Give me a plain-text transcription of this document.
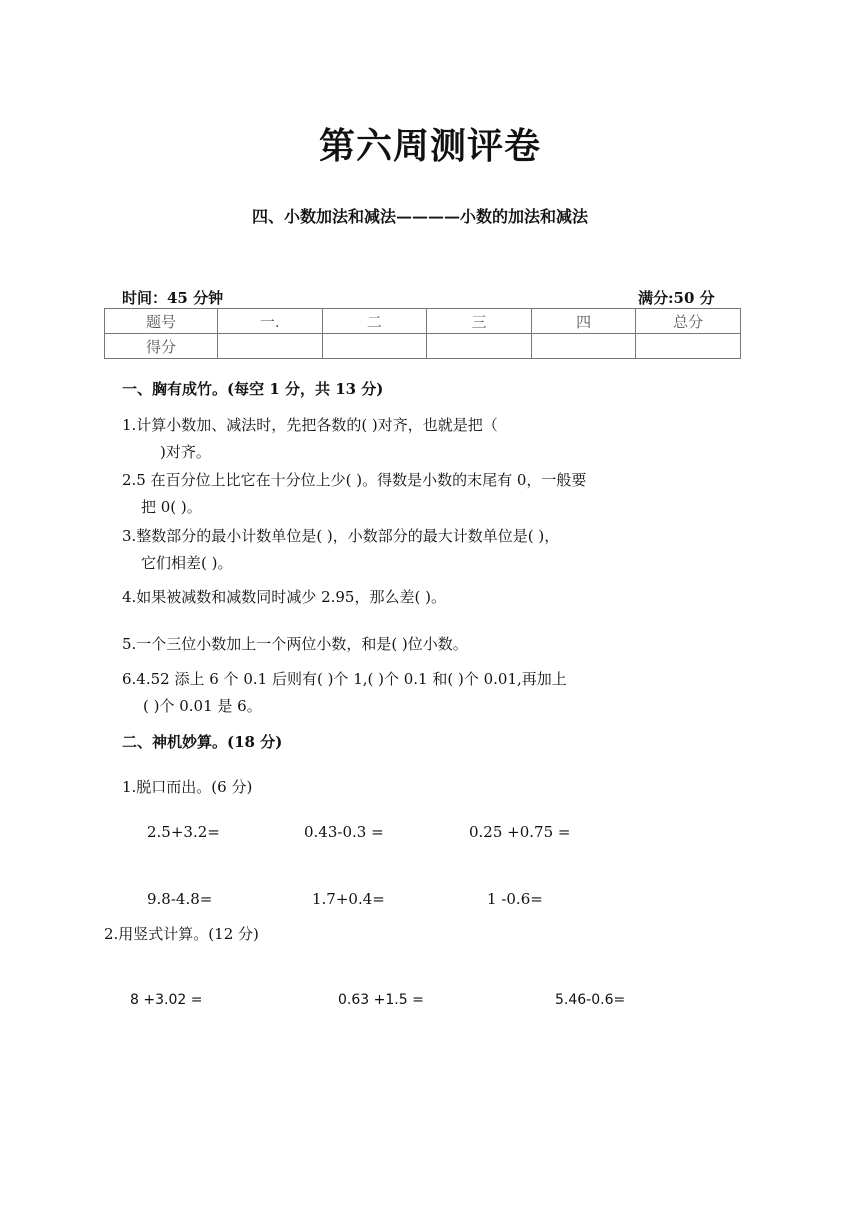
第六周测评卷
四、小数加法和减法————小数的加法和减法
时间：45 分钟	满分:50 分
题号	一.	二	三	四	总分
得分					
一、胸有成竹。(每空 1 分，共 13 分)
1.计算小数加、减法时，先把各数的( )对齐，也就是把（
)对齐。
2.5 在百分位上比它在十分位上少( )。得数是小数的末尾有 0，一般要
把 0( )。
3.整数部分的最小计数单位是( )，小数部分的最大计数单位是( )，
它们相差( )。
4.如果被减数和减数同时减少 2.95，那么差( )。
5.一个三位小数加上一个两位小数，和是( )位小数。
6.4.52 添上 6 个 0.1 后则有( )个 1,( )个 0.1 和( )个 0.01,再加上
( )个 0.01 是 6。
二、神机妙算。(18 分)
1.脱口而出。(6 分)
2.5+3.2=	0.43-0.3 =	0.25 +0.75 =
9.8-4.8=	1.7+0.4=	1 -0.6=
2.用竖式计算。(12 分)
8 +3.02 =	0.63 +1.5 =	5.46-0.6=
